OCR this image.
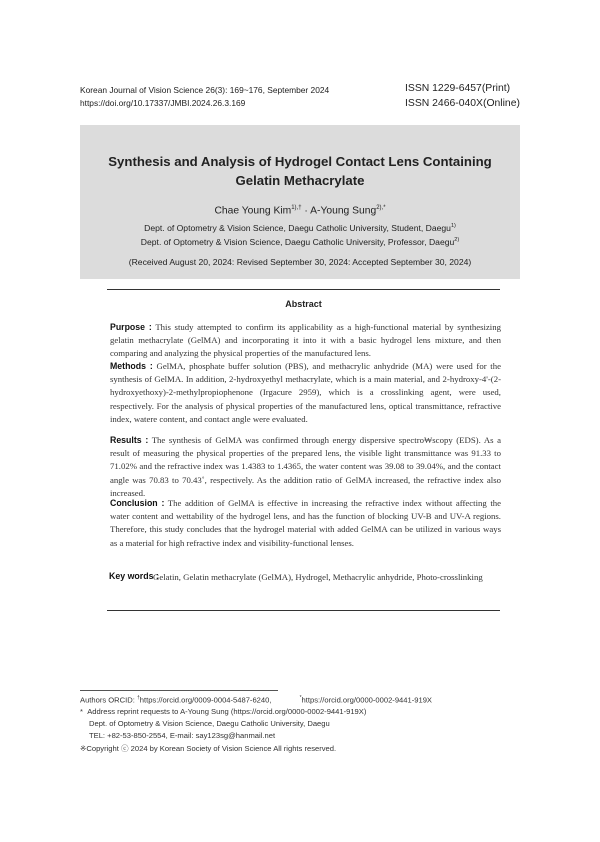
Korean Journal of Vision Science 26(3): 169~176, September 2024
https://doi.org/10.17337/JMBI.2024.26.3.169
ISSN 1229-6457(Print)
ISSN 2466-040X(Online)
Synthesis and Analysis of Hydrogel Contact Lens Containing
Gelatin Methacrylate
Chae Young Kim$^{1),\dagger}$ · A-Young Sung$^{2),*}$
Dept. of Optometry & Vision Science, Daegu Catholic University, Student, Daegu$^{1)}$
Dept. of Optometry & Vision Science, Daegu Catholic University, Professor, Daegu$^{2)}$
(Received August 20, 2024: Revised September 30, 2024: Accepted September 30, 2024)
Abstract
Purpose : This study attempted to confirm its applicability as a high-functional material by synthesizing gelatin methacrylate (GelMA) and incorporating it into it with a basic hydrogel lens mixture, and then comparing and analyzing the physical properties of the manufactured lens.
Methods : GelMA, phosphate buffer solution (PBS), and methacrylic anhydride (MA) were used for the synthesis of GelMA. In addition, 2-hydroxyethyl methacrylate, which is a main material, and 2-hydroxy-4'-(2-hydroxyethoxy)-2-methylpropiophenone (Irgacure 2959), which is a crosslinking agent, were used, respectively. For the analysis of physical properties of the manufactured lens, optical transmittance, refractive index, watere content, and contact angle were evaluated.
Results : The synthesis of GelMA was confirmed through energy dispersive spectro₩scopy (EDS). As a result of measuring the physical properties of the prepared lens, the visible light transmittance was 91.33 to 71.02% and the refractive index was 1.4383 to 1.4365, the water content was 39.08 to 39.04%, and the contact angle was 70.83 to 70.43˚, respectively. As the addition ratio of GelMA increased, the refractive index also increased.
Conclusion : The addition of GelMA is effective in increasing the refractive index without affecting the water content and wettability of the hydrogel lens, and has the function of blocking UV-B and UV-A regions. Therefore, this study concludes that the hydrogel material with added GelMA can be utilized in various ways as a material for high refractive index and visibility-functional lenses.
Key words :
Gelatin, Gelatin methacrylate (GelMA), Hydrogel, Methacrylic anhydride, Photo-crosslinking
Authors ORCID: †https://orcid.org/0009-0004-5487-6240,	*https://orcid.org/0000-0002-9441-919X
* Address reprint requests to A-Young Sung (https://orcid.org/0000-0002-9441-919X)
Dept. of Optometry & Vision Science, Daegu Catholic University, Daegu
TEL: +82-53-850-2554, E-mail: say123sg@hanmail.net
※Copyright ⓒ 2024 by Korean Society of Vision Science All rights reserved.
